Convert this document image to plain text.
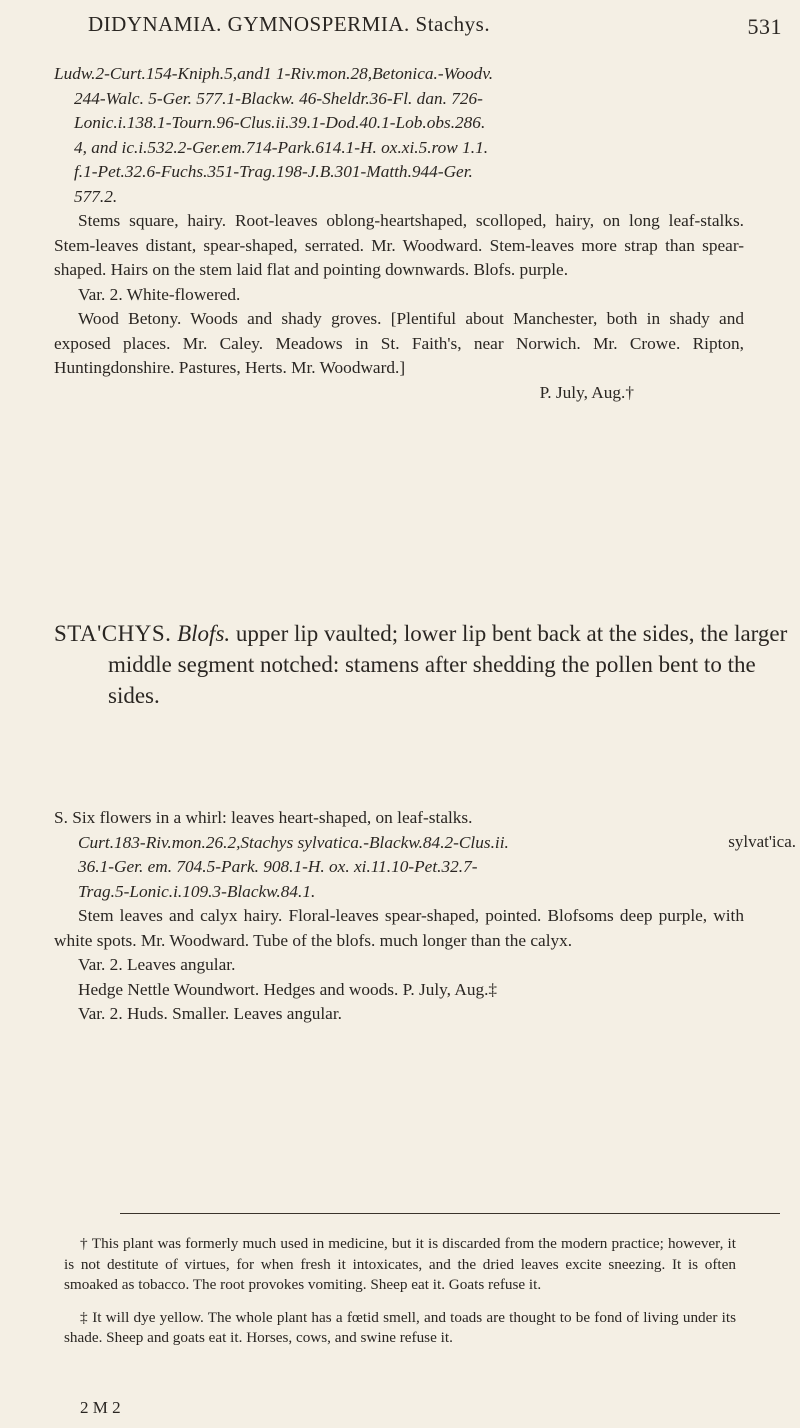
DIDYNAMIA. GYMNOSPERMIA. Stachys.	531
Ludw.2-Curt.154-Kniph.5,and1 1-Riv.mon.28,Betonica.-Woodv.
244-Walc. 5-Ger. 577.1-Blackw. 46-Sheldr.36-Fl. dan. 726-
Lonic.i.138.1-Tourn.96-Clus.ii.39.1-Dod.40.1-Lob.obs.286.
4, and ic.i.532.2-Ger.em.714-Park.614.1-H. ox.xi.5.row 1.1.
f.1-Pet.32.6-Fuchs.351-Trag.198-J.B.301-Matth.944-Ger.
577.2.

Stems square, hairy. Root-leaves oblong-heartshaped, scolloped, hairy, on long leaf-stalks. Stem-leaves distant, spear-shaped, serrated. Mr. Woodward. Stem-leaves more strap than spear-shaped. Hairs on the stem laid flat and pointing downwards. Blofs. purple.

Var. 2. White-flowered.

Wood Betony. Woods and shady groves. [Plentiful about Manchester, both in shady and exposed places. Mr. Caley. Meadows in St. Faith's, near Norwich. Mr. Crowe. Ripton, Huntingdonshire. Pastures, Herts. Mr. Woodward.]

P. July, Aug.†

STA'CHYS. Blofs. upper lip vaulted; lower lip bent back at the sides, the larger middle segment notched: stamens after shedding the pollen bent to the sides.
sylvat'ica.

S. Six flowers in a whirl: leaves heart-shaped, on leaf-stalks.

Curt.183-Riv.mon.26.2,Stachys sylvatica.-Blackw.84.2-Clus.ii.
36.1-Ger. em. 704.5-Park. 908.1-H. ox. xi.11.10-Pet.32.7-
Trag.5-Lonic.i.109.3-Blackw.84.1.

Stem leaves and calyx hairy. Floral-leaves spear-shaped, pointed. Blofsoms deep purple, with white spots. Mr. Woodward. Tube of the blofs. much longer than the calyx.

Var. 2. Leaves angular.

Hedge Nettle Woundwort. Hedges and woods. P. July, Aug.‡

Var. 2. Huds. Smaller. Leaves angular.

† This plant was formerly much used in medicine, but it is discarded from the modern practice; however, it is not destitute of virtues, for when fresh it intoxicates, and the dried leaves excite sneezing. It is often smoaked as tobacco. The root provokes vomiting. Sheep eat it. Goats refuse it.

‡ It will dye yellow. The whole plant has a fœtid smell, and toads are thought to be fond of living under its shade. Sheep and goats eat it. Horses, cows, and swine refuse it.

2 M 2
